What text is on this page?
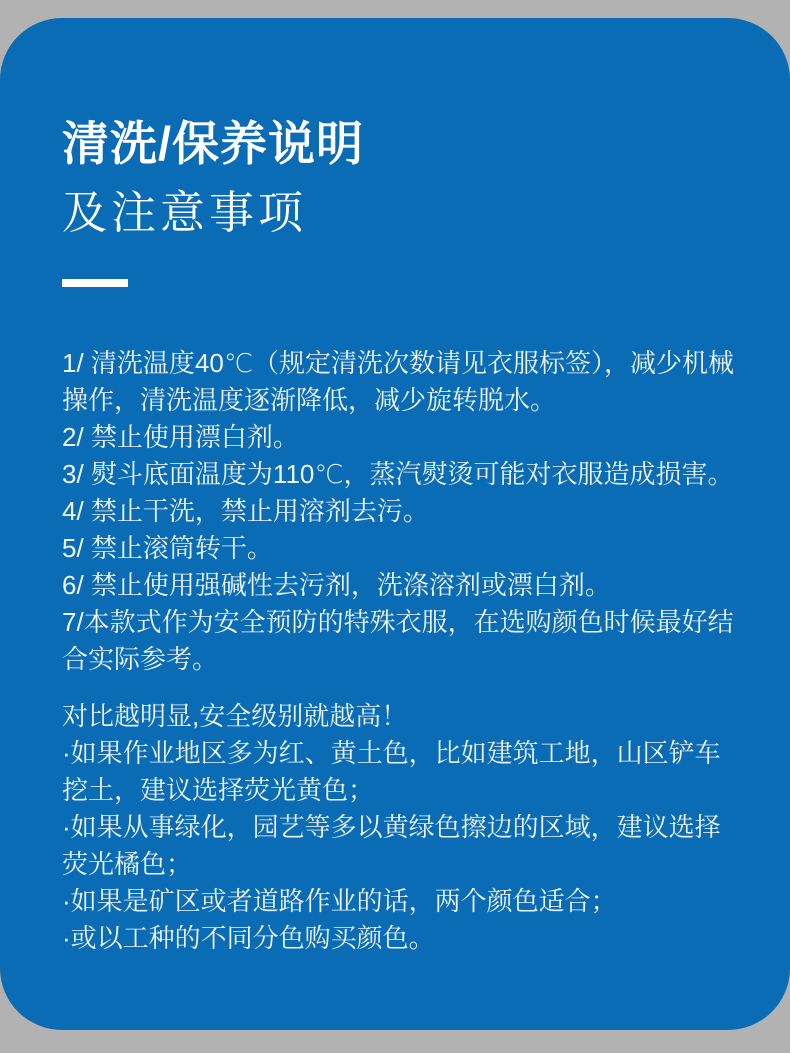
清洗/保养说明
及注意事项

1/ 清洗温度40℃（规定清洗次数请见衣服标签），减少机械操作，清洗温度逐渐降低，减少旋转脱水。

2/ 禁止使用漂白剂。

3/ 熨斗底面温度为110℃，蒸汽熨烫可能对衣服造成损害。

4/ 禁止干洗，禁止用溶剂去污。

5/ 禁止滚筒转干。

6/ 禁止使用强碱性去污剂，洗涤溶剂或漂白剂。

7/本款式作为安全预防的特殊衣服，在选购颜色时候最好结合实际参考。

对比越明显,安全级别就越高！

·如果作业地区多为红、黄土色，比如建筑工地，山区铲车挖土，建议选择荧光黄色；

·如果从事绿化，园艺等多以黄绿色擦边的区域，建议选择荧光橘色；

·如果是矿区或者道路作业的话，两个颜色适合；

·或以工种的不同分色购买颜色。
